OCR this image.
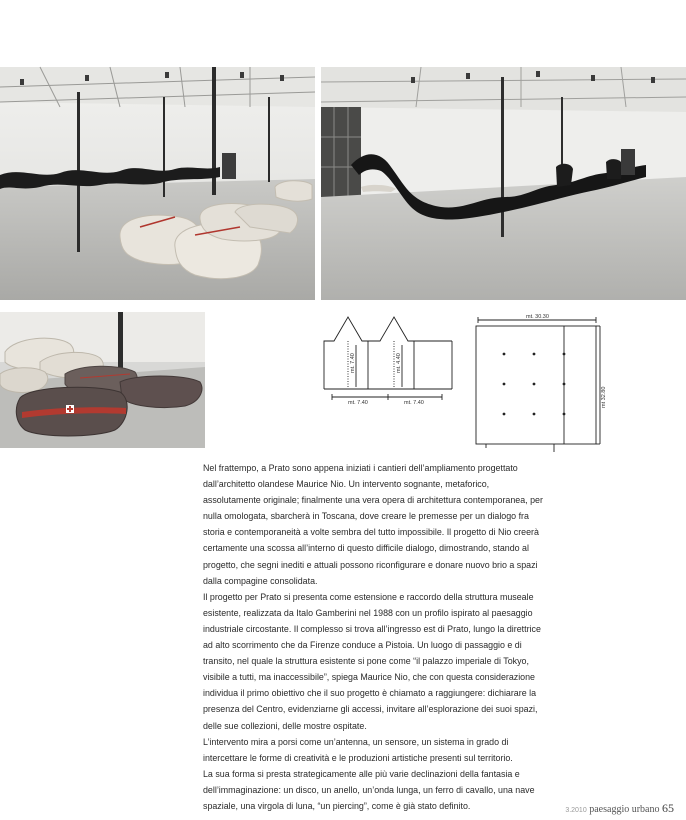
mt. 7.40	mt. 7.40
mt. 7.40	mt. 4.40
mt. 30.30
mt 32.80

Nel frattempo, a Prato sono appena iniziati i cantieri dell’ampliamento progettato dall’architetto olandese Maurice Nio. Un intervento sognante, metaforico, assolutamente originale; finalmente una vera opera di architettura contemporanea, per nulla omologata, sbarcherà in Toscana, dove creare le premesse per un dialogo fra storia e contemporaneità a volte sembra del tutto impossibile. Il progetto di Nio creerà certamente una scossa all’interno di questo difficile dialogo, dimostrando, stando al progetto, che segni inediti e attuali possono riconfigurare e donare nuovo brio a spazi dalla compagine consolidata.

Il progetto per Prato si presenta come estensione e raccordo della struttura museale esistente, realizzata da Italo Gamberini nel 1988 con un profilo ispirato al paesaggio industriale circostante. Il complesso si trova all’ingresso est di Prato, lungo la direttrice ad alto scorrimento che da Firenze conduce a Pistoia. Un luogo di passaggio e di transito, nel quale la struttura esistente si pone come “il palazzo imperiale di Tokyo, visibile a tutti, ma inaccessibile”, spiega Maurice Nio, che con questa considerazione individua il primo obiettivo che il suo progetto è chiamato a raggiungere: dichiarare la presenza del Centro, evidenziarne gli accessi, invitare all’esplorazione dei suoi spazi, delle sue collezioni, delle mostre ospitate.

L’intervento mira a porsi come un’antenna, un sensore, un sistema in grado di intercettare le forme di creatività e le produzioni artistiche presenti sul territorio.

La sua forma si presta strategicamente alle più varie declinazioni della fantasia e dell’immaginazione: un disco, un anello, un’onda lunga, un ferro di cavallo, una nave spaziale, una virgola di luna, “un piercing”, come è già stato definito.	3.2010 paesaggio urbano 65
